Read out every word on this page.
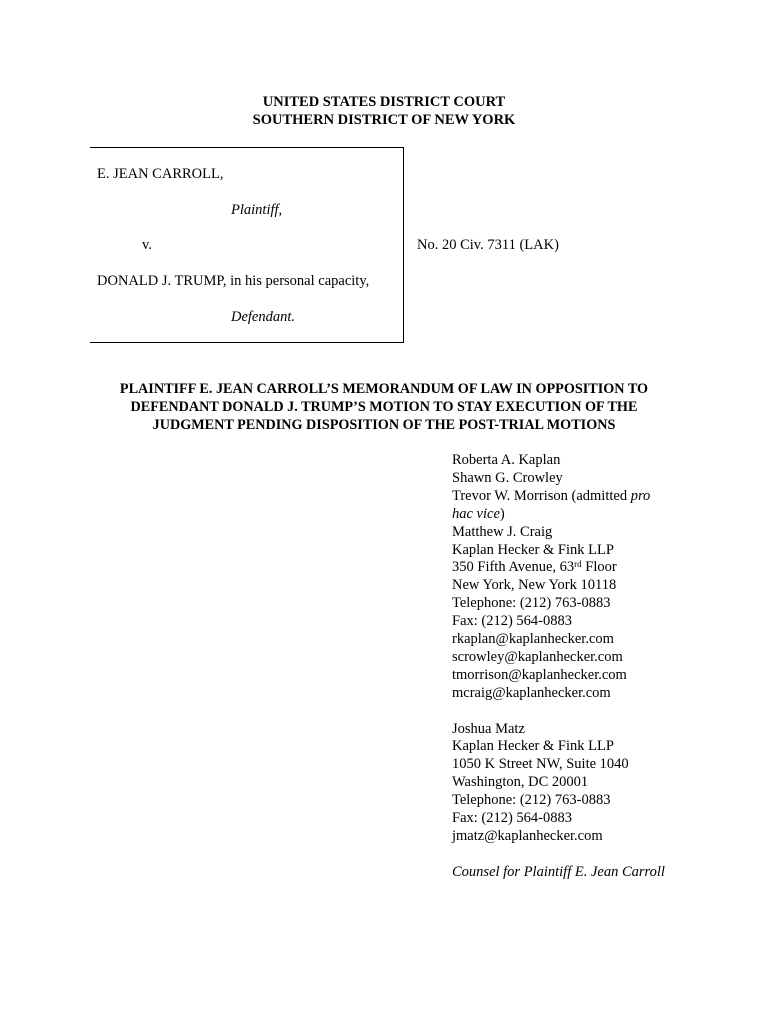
UNITED STATES DISTRICT COURT
SOUTHERN DISTRICT OF NEW YORK
E. JEAN CARROLL,
Plaintiff,
v.
DONALD J. TRUMP, in his personal capacity,
Defendant.
No. 20 Civ. 7311 (LAK)
PLAINTIFF E. JEAN CARROLL’S MEMORANDUM OF LAW IN OPPOSITION TO
DEFENDANT DONALD J. TRUMP’S MOTION TO STAY EXECUTION OF THE
JUDGMENT PENDING DISPOSITION OF THE POST-TRIAL MOTIONS
Roberta A. Kaplan
Shawn G. Crowley
Trevor W. Morrison (admitted pro
hac vice)
Matthew J. Craig
Kaplan Hecker & Fink LLP
350 Fifth Avenue, 63rd Floor
New York, New York 10118
Telephone: (212) 763-0883
Fax: (212) 564-0883
rkaplan@kaplanhecker.com
scrowley@kaplanhecker.com
tmorrison@kaplanhecker.com
mcraig@kaplanhecker.com
Joshua Matz
Kaplan Hecker & Fink LLP
1050 K Street NW, Suite 1040
Washington, DC 20001
Telephone: (212) 763-0883
Fax: (212) 564-0883
jmatz@kaplanhecker.com
Counsel for Plaintiff E. Jean Carroll
